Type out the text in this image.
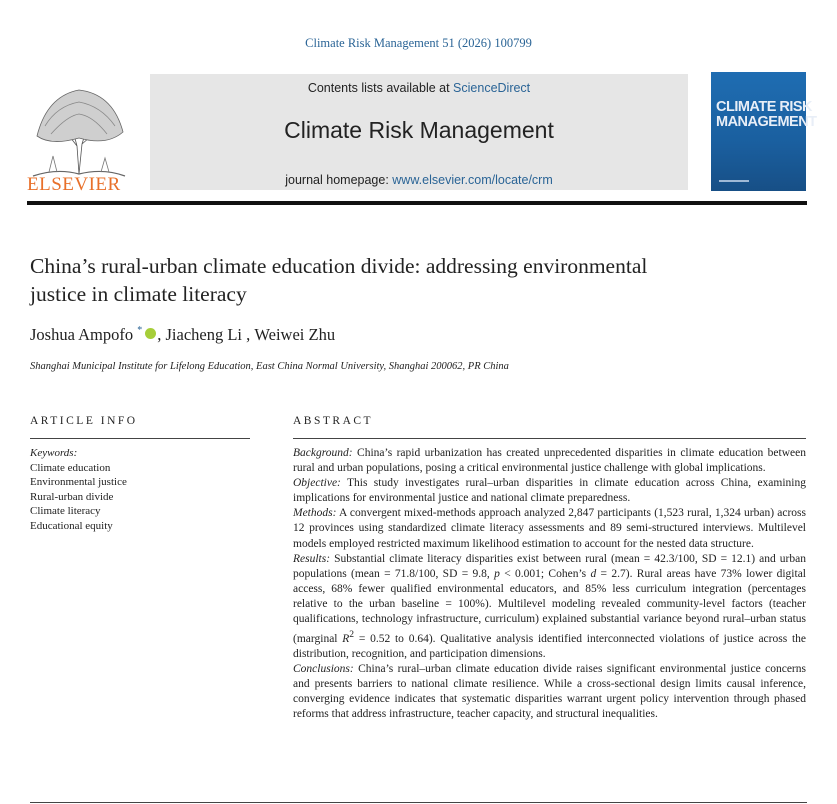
Climate Risk Management 51 (2026) 100799
ELSEVIER
Contents lists available at ScienceDirect
Climate Risk Management
journal homepage: www.elsevier.com/locate/crm
CLIMATE RISK
MANAGEMENT
China’s rural-urban climate education divide: addressing environmental justice in climate literacy
Joshua Ampofo * , Jiacheng Li , Weiwei Zhu
Shanghai Municipal Institute for Lifelong Education, East China Normal University, Shanghai 200062, PR China
ARTICLE INFO	ABSTRACT
Keywords:
Climate education
Environmental justice
Rural-urban divide
Climate literacy
Educational equity

Background: China’s rapid urbanization has created unprecedented disparities in climate education between rural and urban populations, posing a critical environmental justice challenge with global implications.

Objective: This study investigates rural–urban disparities in climate education across China, examining implications for environmental justice and national climate preparedness.

Methods: A convergent mixed-methods approach analyzed 2,847 participants (1,523 rural, 1,324 urban) across 12 provinces using standardized climate literacy assessments and 89 semi-structured interviews. Multilevel models employed restricted maximum likelihood estimation to account for the nested data structure.

Results: Substantial climate literacy disparities exist between rural (mean = 42.3/100, SD = 12.1) and urban populations (mean = 71.8/100, SD = 9.8, p < 0.001; Cohen’s d = 2.7). Rural areas have 73% lower digital access, 68% fewer qualified environmental educators, and 85% less curriculum integration (percentages relative to the urban baseline = 100%). Multilevel modeling revealed community-level factors (teacher qualifications, technology infrastructure, curriculum) explained substantial variance beyond rural–urban status (marginal $R^2 = 0.52$ to 0.64). Qualitative analysis identified interconnected violations of justice across the distribution, recognition, and participation dimensions.

Conclusions: China’s rural–urban climate education divide raises significant environmental justice concerns and presents barriers to national climate resilience. While a cross-sectional design limits causal inference, converging evidence indicates that systematic disparities warrant urgent policy intervention through phased reforms that address infrastructure, teacher capacity, and structural inequalities.
